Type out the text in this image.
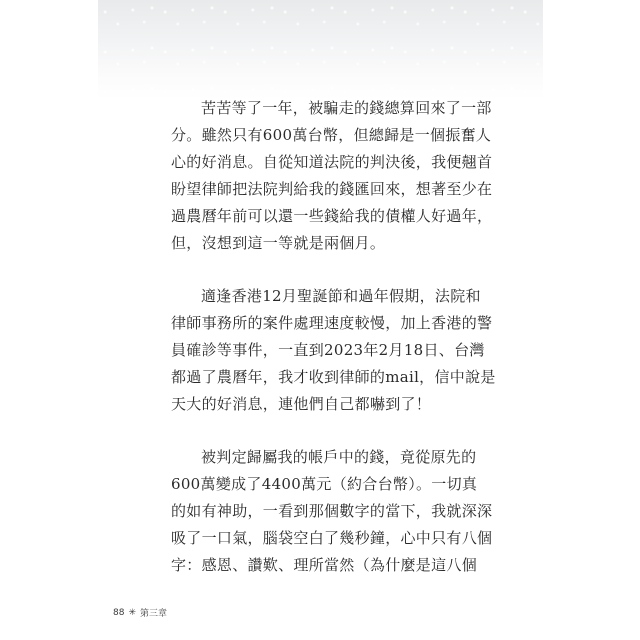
苦苦等了一年，被騙走的錢總算回來了一部
分。雖然只有600萬台幣，但總歸是一個振奮人
心的好消息。自從知道法院的判決後，我便翹首
盼望律師把法院判給我的錢匯回來，想著至少在
過農曆年前可以還一些錢給我的債權人好過年，
但，沒想到這一等就是兩個月。
適逢香港12月聖誕節和過年假期，法院和
律師事務所的案件處理速度較慢，加上香港的警
員確診等事件，一直到2023年2月18日、台灣
都過了農曆年，我才收到律師的mail，信中說是
天大的好消息，連他們自己都嚇到了！
被判定歸屬我的帳戶中的錢，竟從原先的
600萬變成了4400萬元（約合台幣）。一切真
的如有神助，一看到那個數字的當下，我就深深
吸了一口氣，腦袋空白了幾秒鐘，心中只有八個
字：感恩、讚歎、理所當然（為什麼是這八個
88 ✳ 第三章
